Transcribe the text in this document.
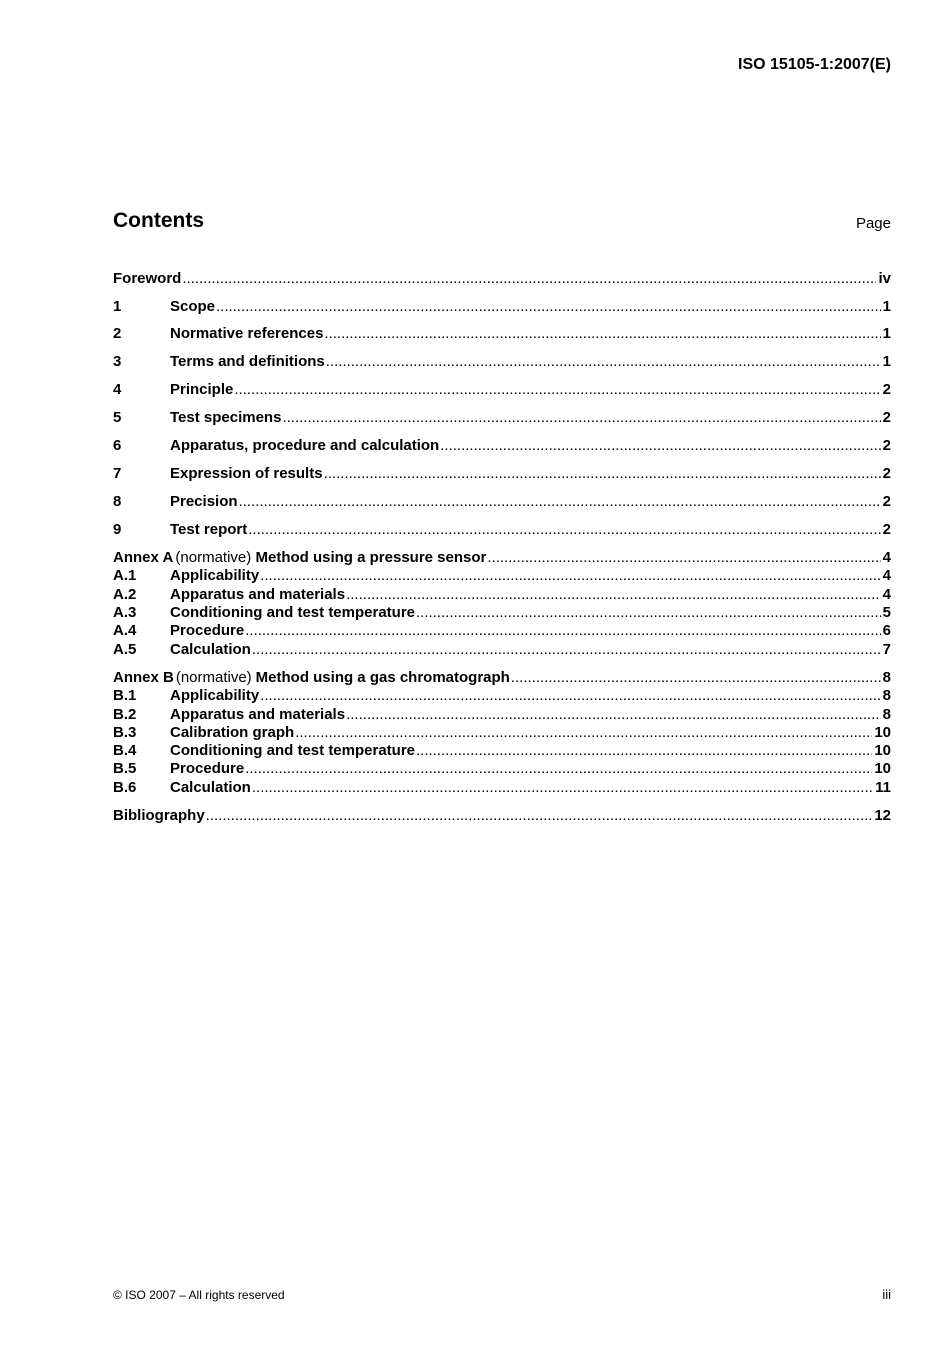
ISO 15105-1:2007(E)
Contents	Page
Foreword .....	iv
1	Scope .....	1
2	Normative references .....	1
3	Terms and definitions .....	1
4	Principle .....	2
5	Test specimens .....	2
6	Apparatus, procedure and calculation .....	2
7	Expression of results .....	2
8	Precision .....	2
9	Test report .....	2
Annex A (normative) Method using a pressure sensor .....	4
A.1	Applicability .....	4
A.2	Apparatus and materials .....	4
A.3	Conditioning and test temperature .....	5
A.4	Procedure .....	6
A.5	Calculation .....	7
Annex B (normative) Method using a gas chromatograph .....	8
B.1	Applicability .....	8
B.2	Apparatus and materials .....	8
B.3	Calibration graph .....	10
B.4	Conditioning and test temperature .....	10
B.5	Procedure .....	10
B.6	Calculation .....	11
Bibliography .....	12
© ISO 2007 – All rights reserved	iii
